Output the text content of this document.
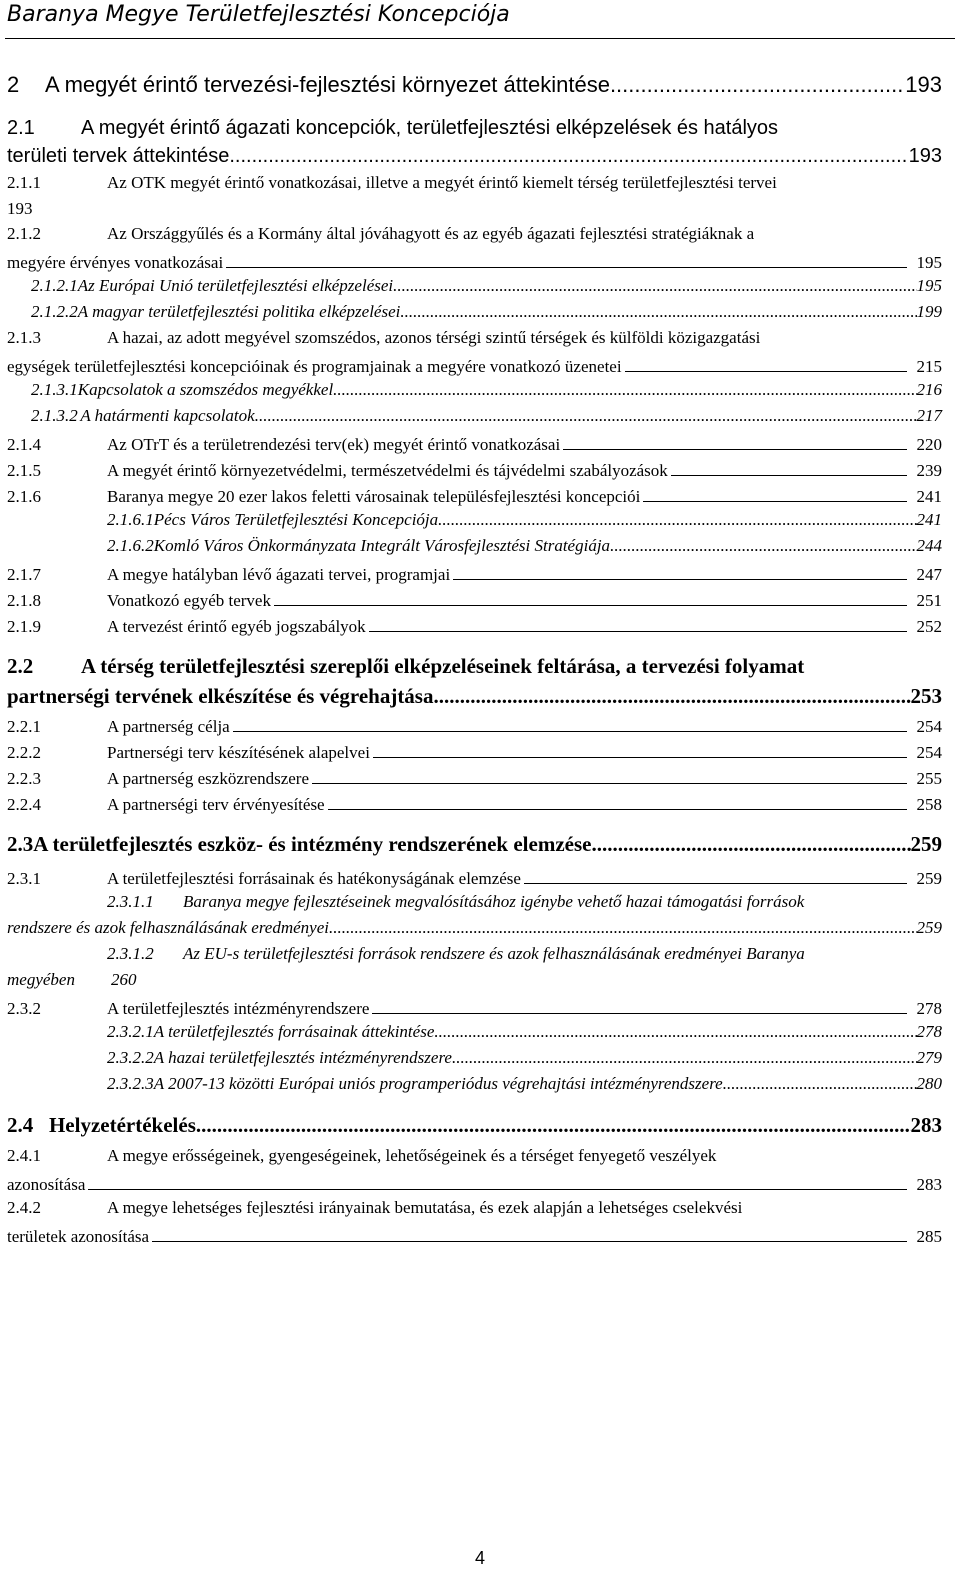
Baranya Megye Területfejlesztési Koncepciója
2 A megyét érintő tervezési-fejlesztési környezet áttekintése .....	193
2.1 A megyét érintő ágazati koncepciók, területfejlesztési elképzelések és hatályos
területi tervek áttekintése .....	193
2.1.1	Az OTK megyét érintő vonatkozásai, illetve a megyét érintő kiemelt térség területfejlesztési tervei
193
2.1.2	Az Országgyűlés és a Kormány által jóváhagyott és az egyéb ágazati fejlesztési stratégiáknak a
megyére érvényes vonatkozásai	195
2.1.2.1 Az Európai Unió területfejlesztési elképzelései .....	195
2.1.2.2 A magyar területfejlesztési politika elképzelései .....	199
2.1.3	A hazai, az adott megyével szomszédos, azonos térségi szintű térségek és külföldi közigazgatási
egységek területfejlesztési koncepcióinak és programjainak a megyére vonatkozó üzenetei	215
2.1.3.1 Kapcsolatok a szomszédos megyékkel .....	216
2.1.3.2 A határmenti kapcsolatok .....	217
2.1.4	Az OTrT és a területrendezési terv(ek) megyét érintő vonatkozásai	220
2.1.5	A megyét érintő környezetvédelmi, természetvédelmi és tájvédelmi szabályozások	239
2.1.6	Baranya megye 20 ezer lakos feletti városainak településfejlesztési koncepciói	241
2.1.6.1 Pécs Város Területfejlesztési Koncepciója .....	241
2.1.6.2 Komló Város Önkormányzata Integrált Városfejlesztési Stratégiája .....	244
2.1.7	A megye hatályban lévő ágazati tervei, programjai	247
2.1.8	Vonatkozó egyéb tervek	251
2.1.9	A tervezést érintő egyéb jogszabályok	252
2.2 A térség területfejlesztési szereplői elképzeléseinek feltárása, a tervezési folyamat
partnerségi tervének elkészítése és végrehajtása .....	253
2.2.1	A partnerség célja	254
2.2.2	Partnerségi terv készítésének alapelvei	254
2.2.3	A partnerség eszközrendszere	255
2.2.4	A partnerségi terv érvényesítése	258
2.3 A területfejlesztés eszköz- és intézmény rendszerének elemzése .....	259
2.3.1	A területfejlesztési forrásainak és hatékonyságának elemzése	259
2.3.1.1 Baranya megye fejlesztéseinek megvalósításához igénybe vehető hazai támogatási források
rendszere és azok felhasználásának eredményei .....	259
2.3.1.2 Az EU-s területfejlesztési források rendszere és azok felhasználásának eredményei Baranya
megyében 260
2.3.2	A területfejlesztés intézményrendszere	278
2.3.2.1 A területfejlesztés forrásainak áttekintése .....	278
2.3.2.2 A hazai területfejlesztés intézményrendszere .....	279
2.3.2.3 A 2007-13 közötti Európai uniós programperiódus végrehajtási intézményrendszere .....	280
2.4 Helyzetértékelés .....	283
2.4.1	A megye erősségeinek, gyengeségeinek, lehetőségeinek és a térséget fenyegető veszélyek
azonosítása	283
2.4.2	A megye lehetséges fejlesztési irányainak bemutatása, és ezek alapján a lehetséges cselekvési
területek azonosítása	285
4
